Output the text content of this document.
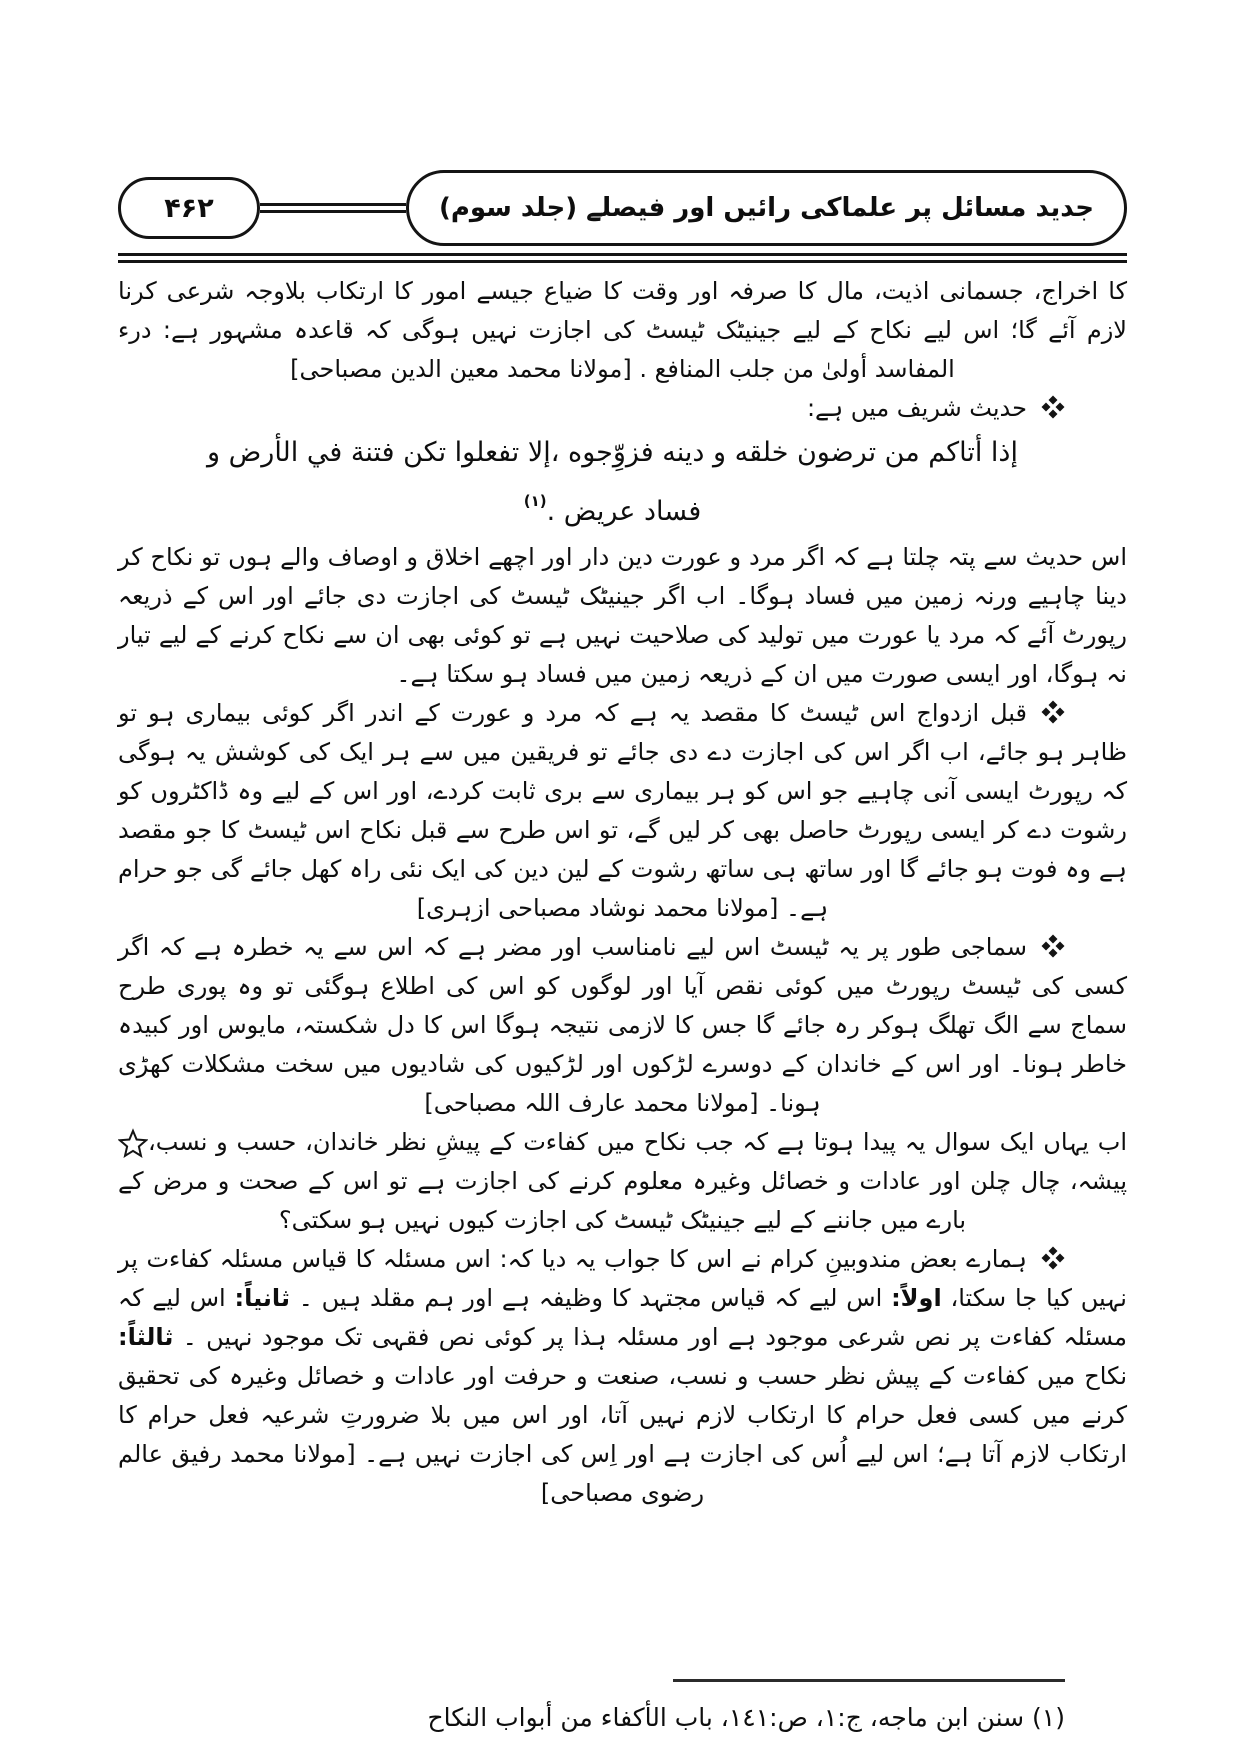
۴۶۲	جدید مسائل پر علماکی رائیں اور فیصلے (جلد سوم)

کا اخراج، جسمانی اذیت، مال کا صرفہ اور وقت کا ضیاع جیسے امور کا ارتکاب بلاوجہ شرعی کرنا لازم آئے گا؛ اس لیے نکاح کے لیے جینیٹک ٹیسٹ کی اجازت نہیں ہوگی کہ قاعدہ مشہور ہے: درء المفاسد أولىٰ من جلب المنافع . [مولانا محمد معین الدین مصباحی]

حدیث شریف میں ہے:

إذا أتاكم من ترضون خلقه و دينه فزوِّجوه ،إلا تفعلوا تكن فتنة في الأرض و فساد عريض .$^{(۱)}$

اس حدیث سے پتہ چلتا ہے کہ اگر مرد و عورت دین دار اور اچھے اخلاق و اوصاف والے ہوں تو نکاح کر دینا چاہیے ورنہ زمین میں فساد ہوگا۔ اب اگر جینیٹک ٹیسٹ کی اجازت دی جائے اور اس کے ذریعہ رپورٹ آئے کہ مرد یا عورت میں تولید کی صلاحیت نہیں ہے تو کوئی بھی ان سے نکاح کرنے کے لیے تیار نہ ہوگا، اور ایسی صورت میں ان کے ذریعہ زمین میں فساد ہو سکتا ہے۔

قبل ازدواج اس ٹیسٹ کا مقصد یہ ہے کہ مرد و عورت کے اندر اگر کوئی بیماری ہو تو ظاہر ہو جائے، اب اگر اس کی اجازت دے دی جائے تو فریقین میں سے ہر ایک کی کوشش یہ ہوگی کہ رپورٹ ایسی آنی چاہیے جو اس کو ہر بیماری سے بری ثابت کردے، اور اس کے لیے وہ ڈاکٹروں کو رشوت دے کر ایسی رپورٹ حاصل بھی کر لیں گے، تو اس طرح سے قبل نکاح اس ٹیسٹ کا جو مقصد ہے وہ فوت ہو جائے گا اور ساتھ ہی ساتھ رشوت کے لین دین کی ایک نئی راہ کھل جائے گی جو حرام ہے۔ [مولانا محمد نوشاد مصباحی ازہری]

سماجی طور پر یہ ٹیسٹ اس لیے نامناسب اور مضر ہے کہ اس سے یہ خطرہ ہے کہ اگر کسی کی ٹیسٹ رپورٹ میں کوئی نقص آیا اور لوگوں کو اس کی اطلاع ہوگئی تو وہ پوری طرح سماج سے الگ تھلگ ہوکر رہ جائے گا جس کا لازمی نتیجہ ہوگا اس کا دل شکستہ، مایوس اور کبیدہ خاطر ہونا۔ اور اس کے خاندان کے دوسرے لڑکوں اور لڑکیوں کی شادیوں میں سخت مشکلات کھڑی ہونا۔ [مولانا محمد عارف اللہ مصباحی]

اب یہاں ایک سوال یہ پیدا ہوتا ہے کہ جب نکاح میں کفاءت کے پیشِ نظر خاندان، حسب و نسب، پیشہ، چال چلن اور عادات و خصائل وغیرہ معلوم کرنے کی اجازت ہے تو اس کے صحت و مرض کے بارے میں جاننے کے لیے جینیٹک ٹیسٹ کی اجازت کیوں نہیں ہو سکتی؟

ہمارے بعض مندوبینِ کرام نے اس کا جواب یہ دیا کہ: اس مسئلہ کا قیاس مسئلہ کفاءت پر نہیں کیا جا سکتا، اولاً: اس لیے کہ قیاس مجتہد کا وظیفہ ہے اور ہم مقلد ہیں ۔ ثانیاً: اس لیے کہ مسئلہ کفاءت پر نص شرعی موجود ہے اور مسئلہ ہذا پر کوئی نص فقہی تک موجود نہیں ۔ ثالثاً: نکاح میں کفاءت کے پیش نظر حسب و نسب، صنعت و حرفت اور عادات و خصائل وغیرہ کی تحقیق کرنے میں کسی فعل حرام کا ارتکاب لازم نہیں آتا، اور اس میں بلا ضرورتِ شرعیہ فعل حرام کا ارتکاب لازم آتا ہے؛ اس لیے اُس کی اجازت ہے اور اِس کی اجازت نہیں ہے۔ [مولانا محمد رفیق عالم رضوی مصباحی]

(١) سنن ابن ماجه، ج:١، ص:١٤١، باب الأكفاء من أبواب النكاح
